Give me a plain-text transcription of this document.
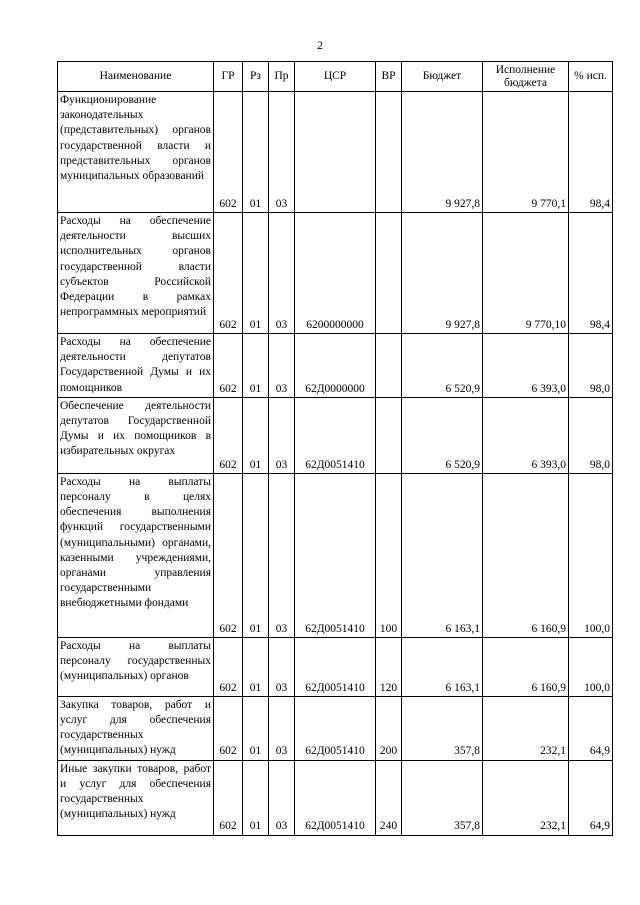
2
Наименование	ГР	Рз	Пр	ЦСР	ВР	Бюджет	Исполнение бюджета	% исп.
Функционирование законодательных (представительных) органов государственной власти и представительных органов муниципальных образований	602	01	03			9 927,8	9 770,1	98,4
Расходы на обеспечение деятельности высших исполнительных органов государственной власти субъектов Российской Федерации в рамках непрограммных мероприятий	602	01	03	6200000000		9 927,8	9 770,10	98,4
Расходы на обеспечение деятельности депутатов Государственной Думы и их помощников	602	01	03	62Д0000000		6 520,9	6 393,0	98,0
Обеспечение деятельности депутатов Государственной Думы и их помощников в избирательных округах	602	01	03	62Д0051410		6 520,9	6 393,0	98,0
Расходы на выплаты персоналу в целях обеспечения выполнения функций государственными (муниципальными) органами, казенными учреждениями, органами управления государственными внебюджетными фондами	602	01	03	62Д0051410	100	6 163,1	6 160,9	100,0
Расходы на выплаты персоналу государственных (муниципальных) органов	602	01	03	62Д0051410	120	6 163,1	6 160,9	100,0
Закупка товаров, работ и услуг для обеспечения государственных (муниципальных) нужд	602	01	03	62Д0051410	200	357,8	232,1	64,9
Иные закупки товаров, работ и услуг для обеспечения государственных (муниципальных) нужд	602	01	03	62Д0051410	240	357,8	232,1	64,9
